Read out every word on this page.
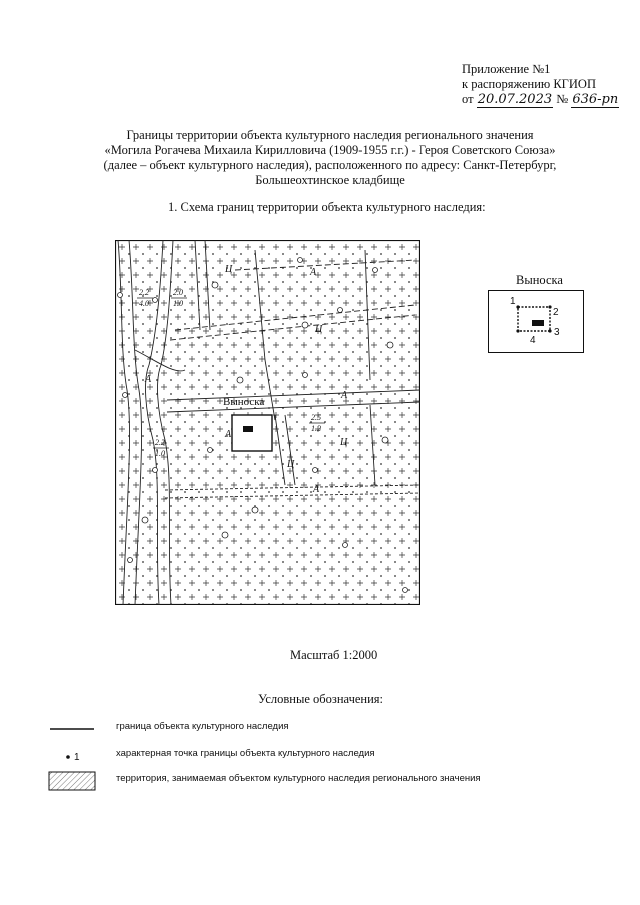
Приложение №1
к распоряжению КГИОП
от 20.07.2023 № 636-рп
Границы территории объекта культурного наследия регионального значения
«Могила Рогачева Михаила Кирилловича (1909-1955 г.г.) - Героя Советского Союза»
(далее – объект культурного наследия), расположенного по адресу: Санкт-Петербург,
Большеохтинское кладбище
1. Схема границ территории объекта культурного наследия:
Выноска
А
А
А
А
А
Ц
Ц
Ц
Ц
2.2
4.0
2.0
1.0
2.2
1.0
2.5
1.2
Выноска
1
2
3
4
Масштаб 1:2000
Условные обозначения:
граница объекта культурного наследия
1	характерная точка границы объекта культурного наследия
территория, занимаемая объектом культурного наследия регионального значения
